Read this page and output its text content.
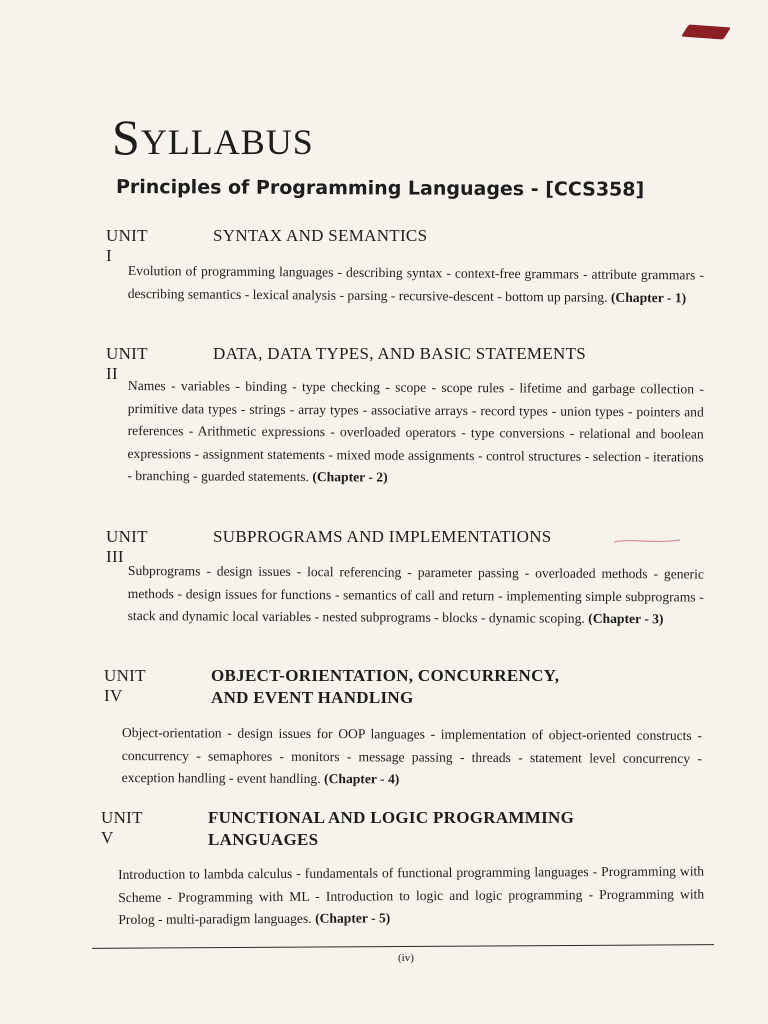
SYLLABUS
Principles of Programming Languages - [CCS358]
UNIT I
SYNTAX AND SEMANTICS
Evolution of programming languages - describing syntax - context-free grammars - attribute grammars - describing semantics - lexical analysis - parsing - recursive-descent - bottom up parsing. (Chapter - 1)
UNIT II
DATA, DATA TYPES, AND BASIC STATEMENTS
Names - variables - binding - type checking - scope - scope rules - lifetime and garbage collection - primitive data types - strings - array types - associative arrays - record types - union types - pointers and references - Arithmetic expressions - overloaded operators - type conversions - relational and boolean expressions - assignment statements - mixed mode assignments - control structures - selection - iterations - branching - guarded statements. (Chapter - 2)
UNIT III
SUBPROGRAMS AND IMPLEMENTATIONS
Subprograms - design issues - local referencing - parameter passing - overloaded methods - generic methods - design issues for functions - semantics of call and return - implementing simple subprograms - stack and dynamic local variables - nested subprograms - blocks - dynamic scoping. (Chapter - 3)
UNIT IV
OBJECT-ORIENTATION, CONCURRENCY,
AND EVENT HANDLING
Object-orientation - design issues for OOP languages - implementation of object-oriented constructs - concurrency - semaphores - monitors - message passing - threads - statement level concurrency - exception handling - event handling. (Chapter - 4)
UNIT V
FUNCTIONAL AND LOGIC PROGRAMMING
LANGUAGES
Introduction to lambda calculus - fundamentals of functional programming languages - Programming with Scheme - Programming with ML - Introduction to logic and logic programming - Programming with Prolog - multi-paradigm languages. (Chapter - 5)
(iv)
